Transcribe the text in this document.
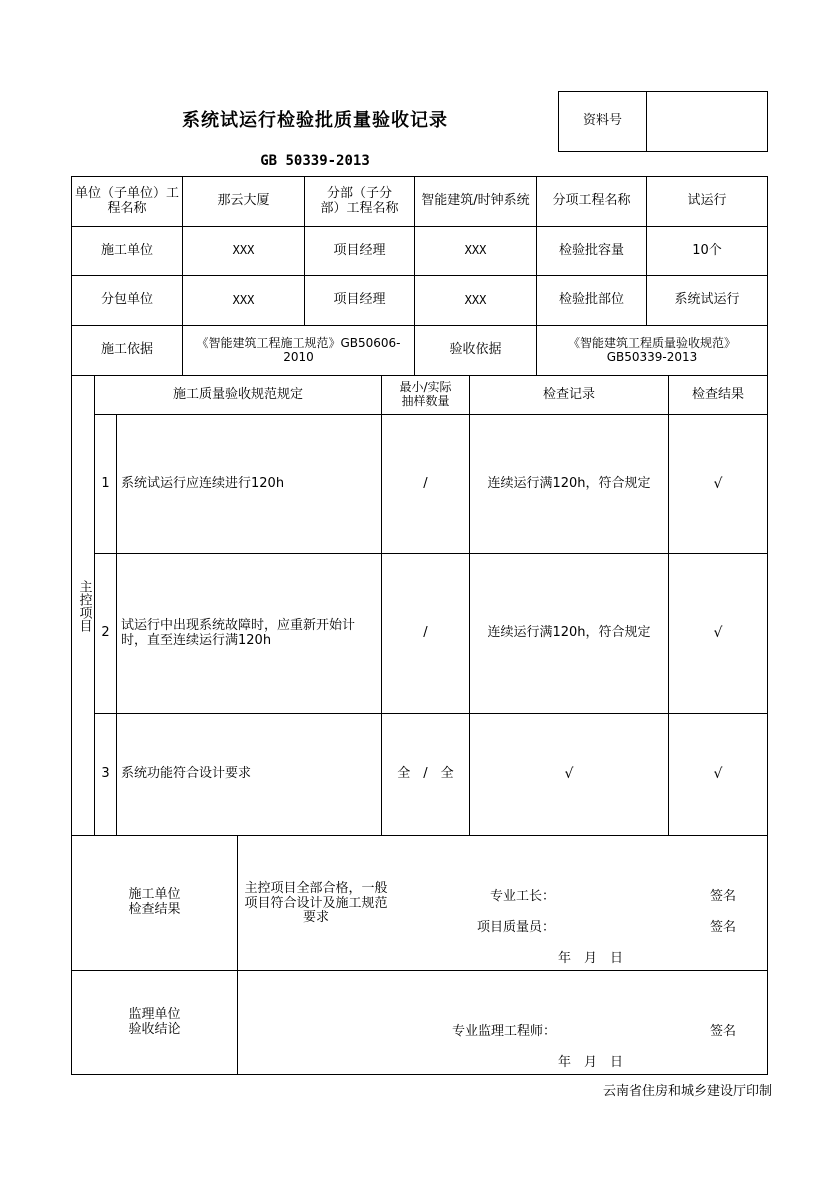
系统试运行检验批质量验收记录
GB 50339-2013
资料号
单位（子单位）工程名称	那云大厦	分部（子分部）工程名称	智能建筑/时钟系统	分项工程名称	试运行
施工单位	XXX	项目经理	XXX	检验批容量	10个
分包单位	XXX	项目经理	XXX	检验批部位	系统试运行
施工依据	《智能建筑工程施工规范》GB50606-2010	验收依据	《智能建筑工程质量验收规范》GB50339-2013
主控项目
施工质量验收规范规定	最小/实际抽样数量	检查记录	检查结果
1 系统试运行应连续进行120h	/	连续运行满120h，符合规定	√
2 试运行中出现系统故障时，应重新开始计时，直至连续运行满120h	/	连续运行满120h，符合规定	√
3 系统功能符合设计要求	全　/　全	√	√
施工单位检查结果
主控项目全部合格，一般项目符合设计及施工规范要求
专业工长：	签名
项目质量员：	签名
年　月　日
监理单位验收结论	专业监理工程师：	签名
年　月　日
云南省住房和城乡建设厅印制
